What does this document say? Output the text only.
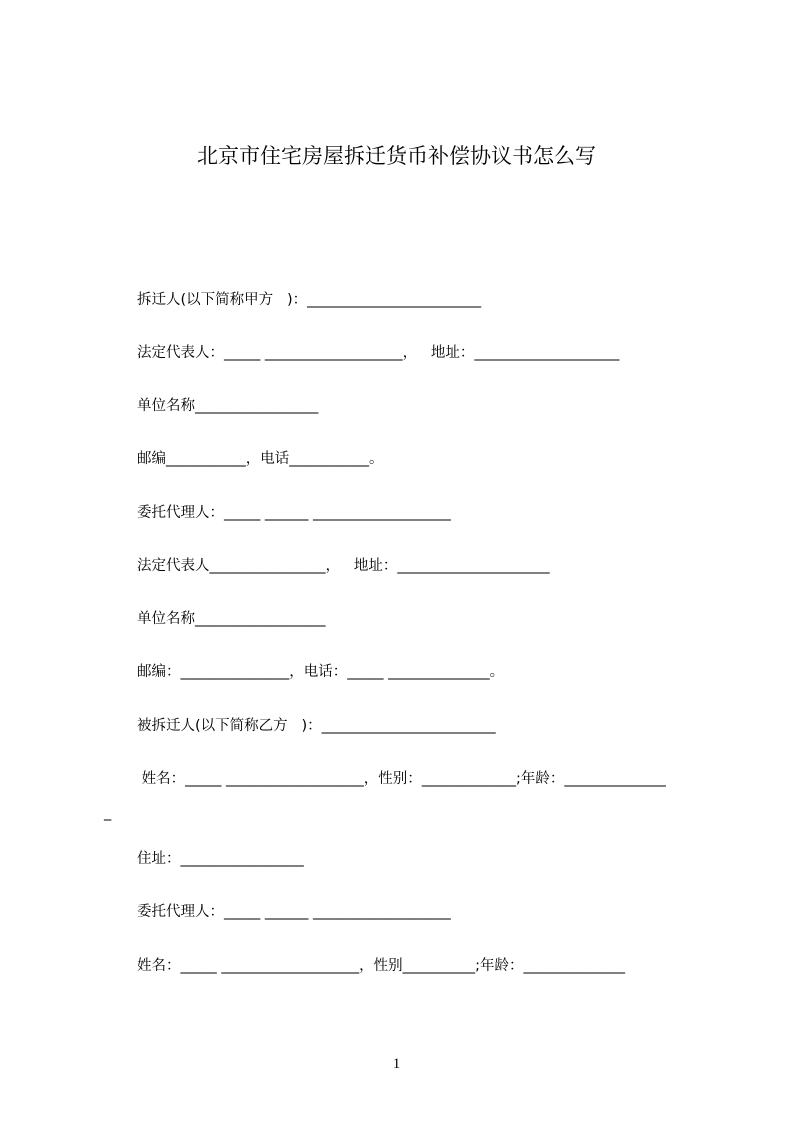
北京市住宅房屋拆迁货币补偿协议书怎么写
拆迁人(以下简称甲方   )：________________________
法定代表人：_____ ___________________，   地址：____________________
单位名称_________________
邮编___________，电话___________。
委托代理人：_____ ______ ___________________
法定代表人________________，   地址：_____________________
单位名称__________________
邮编：_______________，电话：_____ ______________。
被拆迁人(以下简称乙方   )：________________________
姓名：_____ ___________________，性别：_____________;年龄：______________
_
住址：_________________
委托代理人：_____ ______ ___________________
姓名：_____ ___________________，性别__________;年龄：______________
1
